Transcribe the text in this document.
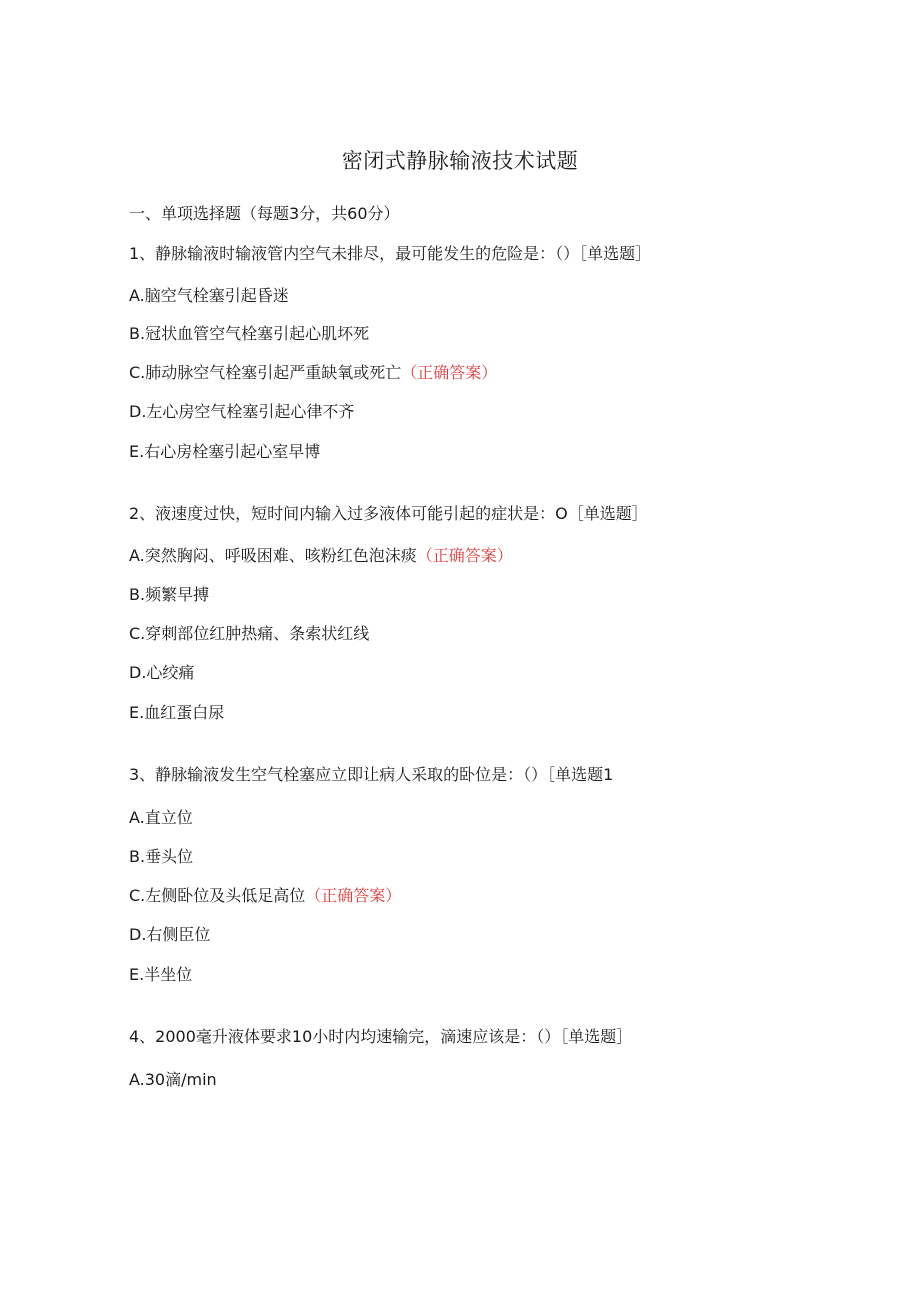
密闭式静脉输液技术试题
一、单项选择题（每题3分，共60分）
1、静脉输液时输液管内空气未排尽，最可能发生的危险是：（）［单选题］
A.脑空气栓塞引起昏迷
B.冠状血管空气栓塞引起心肌坏死
C.肺动脉空气栓塞引起严重缺氧或死亡（正确答案）
D.左心房空气栓塞引起心律不齐
E.右心房栓塞引起心室早博
2、液速度过快，短时间内输入过多液体可能引起的症状是：O［单选题］
A.突然胸闷、呼吸困难、咳粉红色泡沫痰（正确答案）
B.频繁早搏
C.穿刺部位红肿热痛、条索状红线
D.心绞痛
E.血红蛋白尿
3、静脉输液发生空气栓塞应立即让病人采取的卧位是：（）［单选题1
A.直立位
B.垂头位
C.左侧卧位及头低足高位（正确答案）
D.右侧臣位
E.半坐位
4、2000毫升液体要求10小时内均速输完，滴速应该是：（）［单选题］
A.30滴/min
